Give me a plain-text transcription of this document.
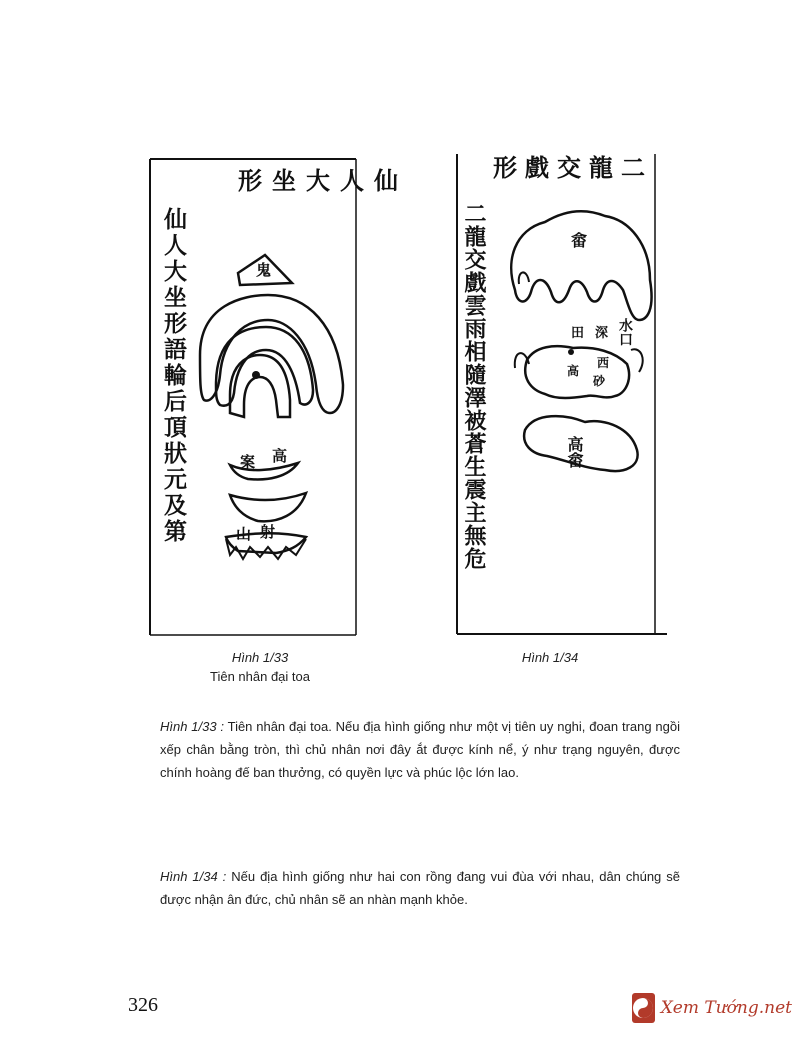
形坐大人仙
仙人大坐形語輪后頂狀元及第	鬼
案 高
山 射
形戲交龍二
二龍交戲雲雨相隨澤被蒼生震主無危	畲
水口
田 深
西
砂
高
高畲
Hình 1/33
Tiên nhân đại toa
Hình 1/34
Hình 1/33 : Tiên nhân đại toa. Nếu địa hình giống như một vị tiên uy nghi, đoan trang ngồi xếp chân bằng tròn, thì chủ nhân nơi đây ắt được kính nể, ý như trạng nguyên, được chính hoàng đế ban thưởng, có quyền lực và phúc lộc lớn lao.
Hình 1/34 : Nếu địa hình giống như hai con rồng đang vui đùa với nhau, dân chúng sẽ được nhận ân đức, chủ nhân sẽ an nhàn mạnh khỏe.
326	Xem Tướng.net
